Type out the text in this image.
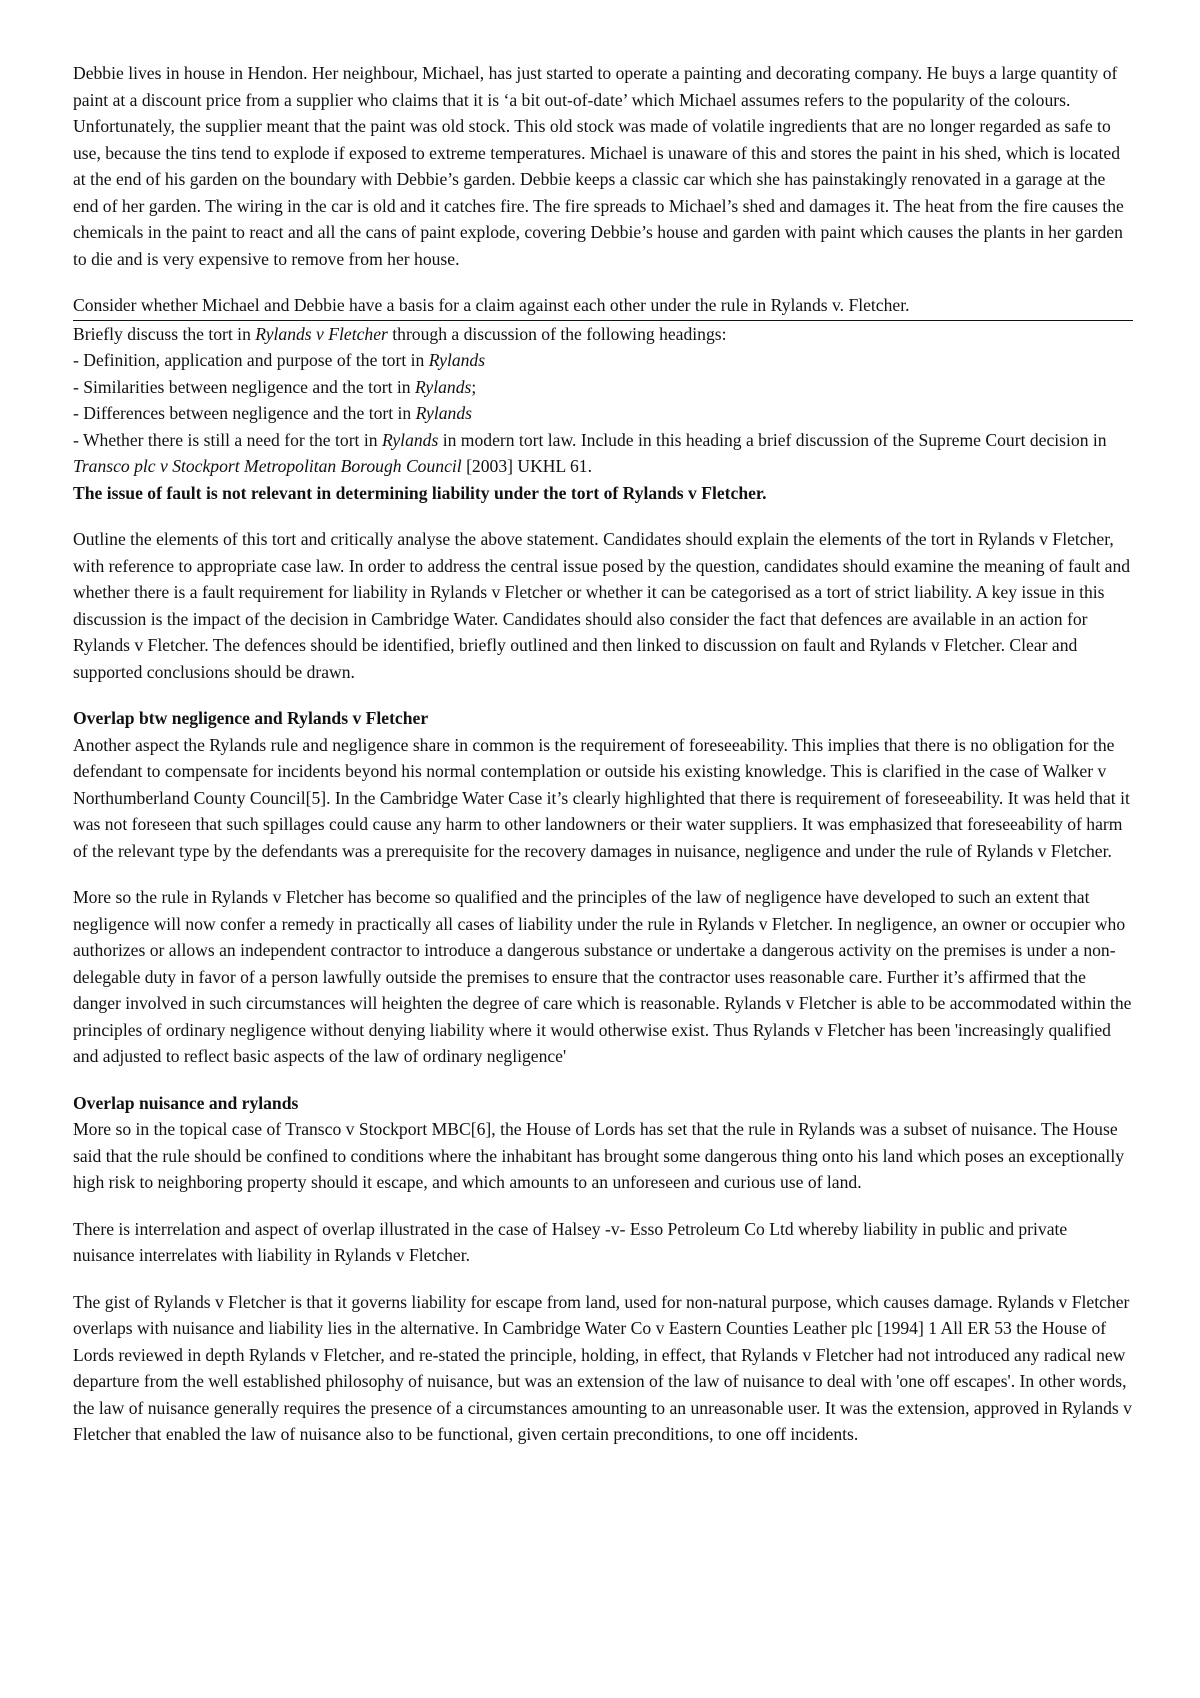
Debbie lives in house in Hendon. Her neighbour, Michael, has just started to operate a painting and decorating company. He buys a large quantity of paint at a discount price from a supplier who claims that it is ‘a bit out-of-date’ which Michael assumes refers to the popularity of the colours. Unfortunately, the supplier meant that the paint was old stock. This old stock was made of volatile ingredients that are no longer regarded as safe to use, because the tins tend to explode if exposed to extreme temperatures. Michael is unaware of this and stores the paint in his shed, which is located at the end of his garden on the boundary with Debbie’s garden. Debbie keeps a classic car which she has painstakingly renovated in a garage at the end of her garden. The wiring in the car is old and it catches fire. The fire spreads to Michael’s shed and damages it. The heat from the fire causes the chemicals in the paint to react and all the cans of paint explode, covering Debbie’s house and garden with paint which causes the plants in her garden to die and is very expensive to remove from her house.

Consider whether Michael and Debbie have a basis for a claim against each other under the rule in Rylands v. Fletcher.

Briefly discuss the tort in Rylands v Fletcher through a discussion of the following headings:
- Definition, application and purpose of the tort in Rylands
- Similarities between negligence and the tort in Rylands;
- Differences between negligence and the tort in Rylands
- Whether there is still a need for the tort in Rylands in modern tort law. Include in this heading a brief discussion of the Supreme Court decision in Transco plc v Stockport Metropolitan Borough Council [2003] UKHL 61.

The issue of fault is not relevant in determining liability under the tort of Rylands v Fletcher.

Outline the elements of this tort and critically analyse the above statement. Candidates should explain the elements of the tort in Rylands v Fletcher, with reference to appropriate case law. In order to address the central issue posed by the question, candidates should examine the meaning of fault and whether there is a fault requirement for liability in Rylands v Fletcher or whether it can be categorised as a tort of strict liability. A key issue in this discussion is the impact of the decision in Cambridge Water. Candidates should also consider the fact that defences are available in an action for Rylands v Fletcher. The defences should be identified, briefly outlined and then linked to discussion on fault and Rylands v Fletcher. Clear and supported conclusions should be drawn.

Overlap btw negligence and Rylands v Fletcher

Another aspect the Rylands rule and negligence share in common is the requirement of foreseeability. This implies that there is no obligation for the defendant to compensate for incidents beyond his normal contemplation or outside his existing knowledge. This is clarified in the case of Walker v Northumberland County Council[5]. In the Cambridge Water Case it’s clearly highlighted that there is requirement of foreseeability. It was held that it was not foreseen that such spillages could cause any harm to other landowners or their water suppliers. It was emphasized that foreseeability of harm of the relevant type by the defendants was a prerequisite for the recovery damages in nuisance, negligence and under the rule of Rylands v Fletcher.

More so the rule in Rylands v Fletcher has become so qualified and the principles of the law of negligence have developed to such an extent that negligence will now confer a remedy in practically all cases of liability under the rule in Rylands v Fletcher. In negligence, an owner or occupier who authorizes or allows an independent contractor to introduce a dangerous substance or undertake a dangerous activity on the premises is under a non-delegable duty in favor of a person lawfully outside the premises to ensure that the contractor uses reasonable care. Further it’s affirmed that the danger involved in such circumstances will heighten the degree of care which is reasonable. Rylands v Fletcher is able to be accommodated within the principles of ordinary negligence without denying liability where it would otherwise exist. Thus Rylands v Fletcher has been 'increasingly qualified and adjusted to reflect basic aspects of the law of ordinary negligence'

Overlap nuisance and rylands

More so in the topical case of Transco v Stockport MBC[6], the House of Lords has set that the rule in Rylands was a subset of nuisance. The House said that the rule should be confined to conditions where the inhabitant has brought some dangerous thing onto his land which poses an exceptionally high risk to neighboring property should it escape, and which amounts to an unforeseen and curious use of land.

There is interrelation and aspect of overlap illustrated in the case of Halsey -v- Esso Petroleum Co Ltd whereby liability in public and private nuisance interrelates with liability in Rylands v Fletcher.

The gist of Rylands v Fletcher is that it governs liability for escape from land, used for non-natural purpose, which causes damage. Rylands v Fletcher overlaps with nuisance and liability lies in the alternative. In Cambridge Water Co v Eastern Counties Leather plc [1994] 1 All ER 53 the House of Lords reviewed in depth Rylands v Fletcher, and re-stated the principle, holding, in effect, that Rylands v Fletcher had not introduced any radical new departure from the well established philosophy of nuisance, but was an extension of the law of nuisance to deal with 'one off escapes'. In other words, the law of nuisance generally requires the presence of a circumstances amounting to an unreasonable user. It was the extension, approved in Rylands v Fletcher that enabled the law of nuisance also to be functional, given certain preconditions, to one off incidents.
